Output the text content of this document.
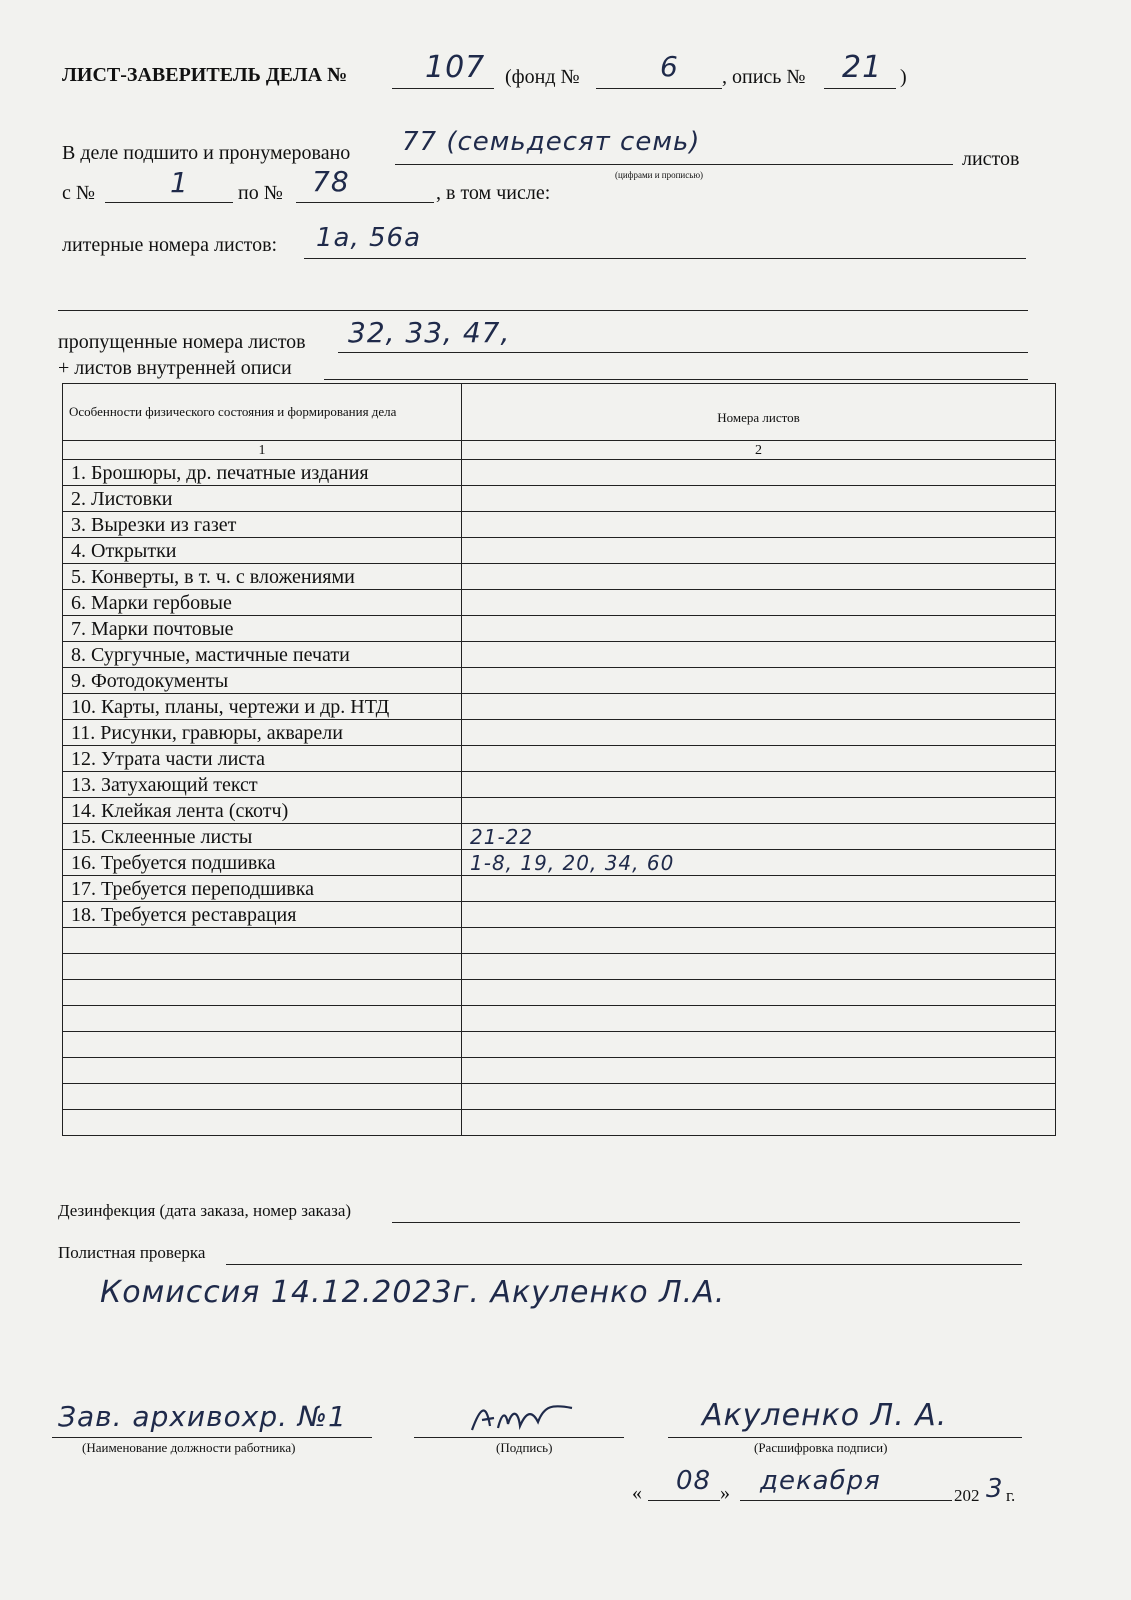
ЛИСТ-ЗАВЕРИТЕЛЬ ДЕЛА №	107 (фонд №	6 , опись № 21 )
В деле подшито и пронумеровано 77 (семьдесят семь)
листов
(цифрами и прописью)
с №	1 по № 78	, в том числе:
литерные номера листов: 1а, 56а
пропущенные номера листов 32, 33, 47,
+ листов внутренней описи
Особенности физического состояния и формирования дела	Номера листов
1	2
1. Брошюры, др. печатные издания	
2. Листовки	
3. Вырезки из газет	
4. Открытки	
5. Конверты, в т. ч. с вложениями	
6. Марки гербовые	
7. Марки почтовые	
8. Сургучные, мастичные печати	
9. Фотодокументы	
10. Карты, планы, чертежи и др. НТД	
11. Рисунки, гравюры, акварели	
12. Утрата части листа	
13. Затухающий текст	
14. Клейкая лента (скотч)	
15. Склеенные листы	21-22
16. Требуется подшивка	1-8, 19, 20, 34, 60
17. Требуется переподшивка	
18. Требуется реставрация	

Дезинфекция (дата заказа, номер заказа)
Полистная проверка
Комиссия 14.12.2023г. Акуленко Л.А.
Зав. архивохр. №1
(Наименование должности работника)	(Подпись)
Акуленко Л. А.
(Расшифровка подписи)
« 08 » декабря	202 3 г.
